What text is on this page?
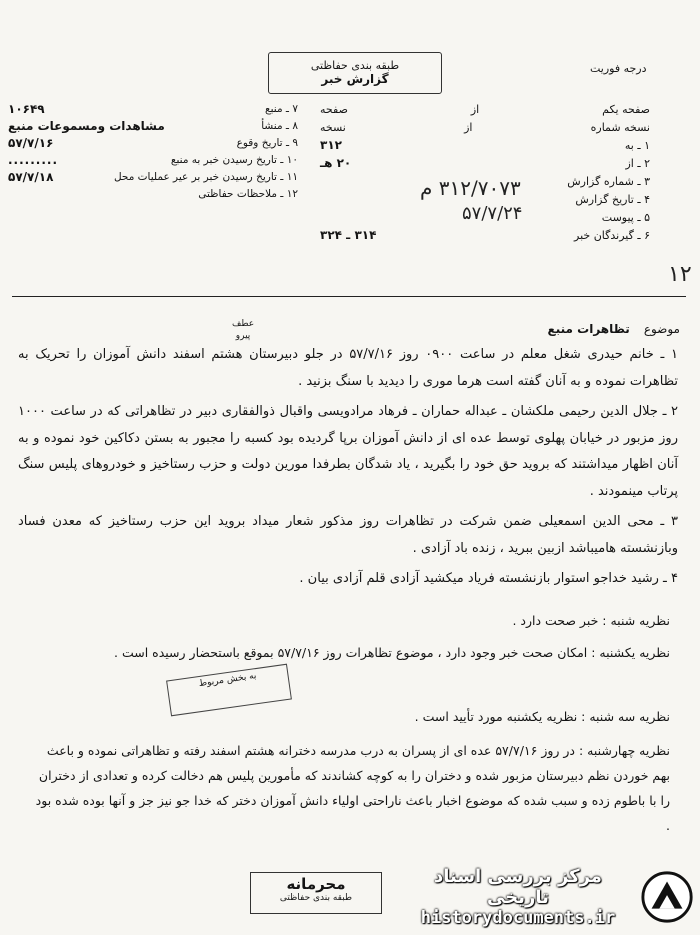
طبقه بندی حفاظتی
گزارش خبر
درجه فوریت
۷ ـ منبع
۱۰۶۴۹
۸ ـ منشأ
مشاهدات ومسموعات منبع
۹ ـ تاریخ وقوع
۵۷/۷/۱۶
۱۰ ـ تاریخ رسیدن خبر به منبع
.........
۱۱ ـ تاریخ رسیدن خبر بر عیر عملیات محل
۵۷/۷/۱۸
۱۲ ـ ملاحظات حفاظتی
صفحه یکم
از
صفحه
نسخه شماره
از
نسخه
۱ ـ به
۳۱۲
۲ ـ از
۲۰ هـ
۳ ـ شماره گزارش
۴ ـ تاریخ گزارش
۵ ـ پیوست
۶ ـ گیرندگان خبر
۳۱۴ ـ ۳۲۴
۳۱۲/۷۰۷۳ م
۵۷/۷/۲۴
۱۲
عطف
پیرو	موضوع
تظاهرات منبع

۱ ـ خانم حیدری شغل معلم در ساعت ۰۹۰۰ روز ۵۷/۷/۱۶ در جلو دبیرستان هشتم اسفند دانش آموزان را تحریک به تظاهرات نموده و به آنان گفته است هرما موری را دیدید با سنگ بزنید .

۲ ـ جلال الدین رحیمی ملکشان ـ عبداله حماران ـ فرهاد مرادویسی واقبال ذوالفقاری دبیر در تظاهراتی که در ساعت ۱۰۰۰ روز مزبور در خیابان پهلوی توسط عده ای از دانش آموزان برپا گردیده بود کسبه را مجبور به بستن دکاکین خود نموده و به آنان اظهار میداشتند که بروید حق خود را بگیرید ، یاد شدگان بطرفدا مورین دولت و حزب رستاخیز و خودروهای پلیس سنگ پرتاب مینمودند .

۳ ـ محی الدین اسمعیلی ضمن شرکت در تظاهرات روز مذکور شعار میداد بروید این حزب رستاخیز که معدن فساد وبازنشسته هامیباشد ازبین ببرید ، زنده باد آزادی .

۴ ـ رشید خداجو استوار بازنشسته فریاد میکشید آزادی قلم آزادی بیان .

نظریه شنبه : خبر صحت دارد .
نظریه یکشنبه : امکان صحت خبر وجود دارد ، موضوع تظاهرات روز ۵۷/۷/۱۶ بموقع باستحضار رسیده است .
نظریه سه شنبه : نظریه یکشنبه مورد تأیید است .
نظریه چهارشنبه : در روز ۵۷/۷/۱۶ عده ای از پسران به درب مدرسه دخترانه هشتم اسفند رفته و تظاهراتی نموده و باعث بهم خوردن نظم دبیرستان مزبور شده و دختران را به کوچه کشاندند که مأمورین پلیس هم دخالت کرده و تعدادی از دختران را با باطوم زده و سبب شده که موضوع اخبار باعث ناراحتی اولیاء دانش آموزان دختر که خدا جو نیز جز و آنها بوده شده بود .
به بخش مربوط
محرمانه
طبقه بندی حفاظتی
مرکز بررسی اسناد تاریخی
historydocuments.ir
